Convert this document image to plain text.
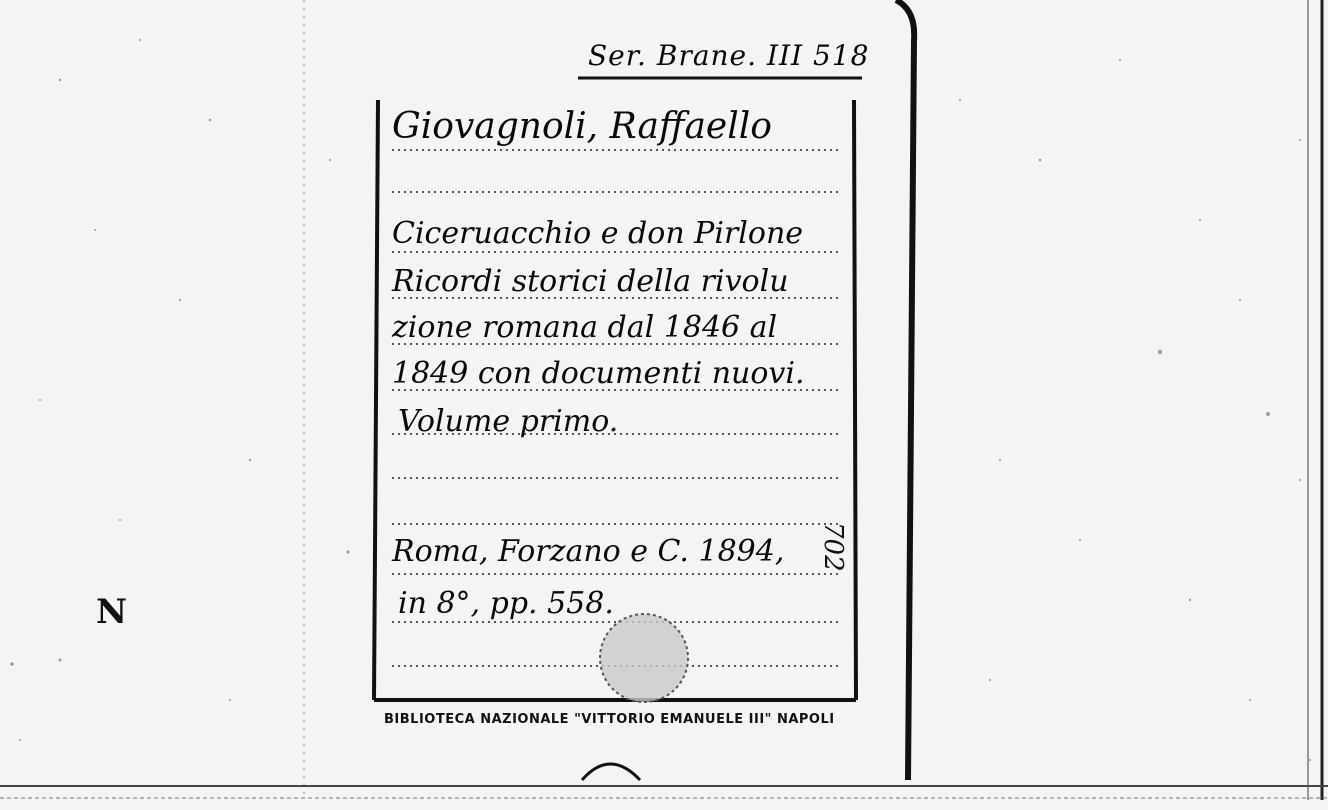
Ser. Brane. III 518
Giovagnoli, Raffaello
Ciceruacchio e don Pirlone
Ricordi storici della rivolu
zione romana dal 1846 al
1849 con documenti nuovi.
Volume primo.
Roma, Forzano e C. 1894,
in 8°, pp. 558.
702
BIBLIOTECA NAZIONALE "VITTORIO EMANUELE III" NAPOLI
N
